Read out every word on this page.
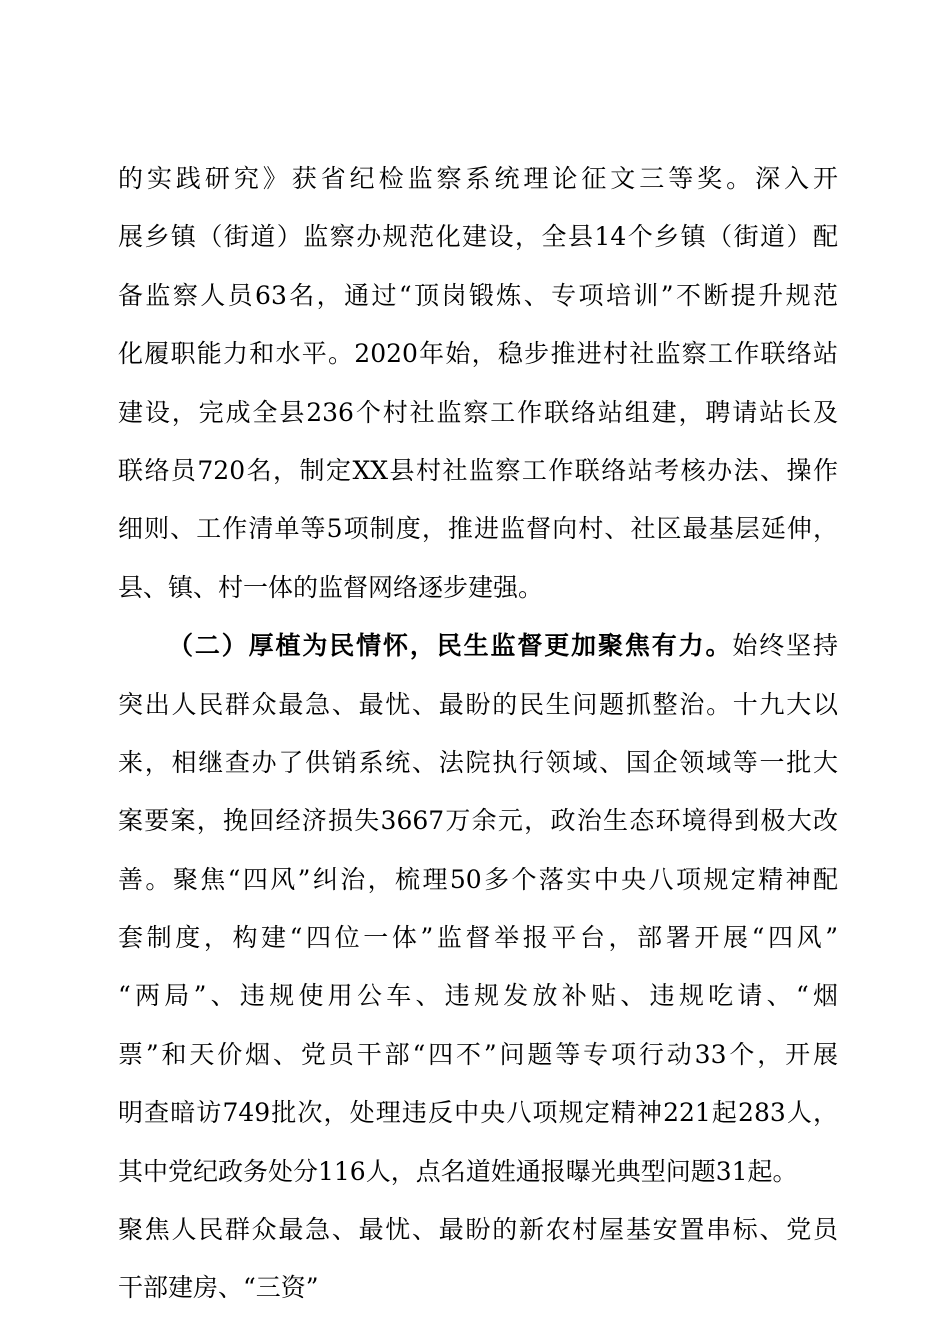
的实践研究》获省纪检监察系统理论征文三等奖。深入开
展乡镇（街道）监察办规范化建设，全县14个乡镇（街道）配
备监察人员63名，通过“顶岗锻炼、专项培训”不断提升规范
化履职能力和水平。2020年始，稳步推进村社监察工作联络站
建设，完成全县236个村社监察工作联络站组建，聘请站长及
联络员720名，制定XX县村社监察工作联络站考核办法、操作
细则、工作清单等5项制度，推进监督向村、社区最基层延伸，
县、镇、村一体的监督网络逐步建强。
（二）厚植为民情怀，民生监督更加聚焦有力。始终坚持
突出人民群众最急、最忧、最盼的民生问题抓整治。十九大以
来，相继查办了供销系统、法院执行领域、国企领域等一批大
案要案，挽回经济损失3667万余元，政治生态环境得到极大改
善。聚焦“四风”纠治，梳理50多个落实中央八项规定精神配
套制度，构建“四位一体”监督举报平台，部署开展“四风”
“两局”、违规使用公车、违规发放补贴、违规吃请、“烟
票”和天价烟、党员干部“四不”问题等专项行动33个，开展
明查暗访749批次，处理违反中央八项规定精神221起283人，
其中党纪政务处分116人，点名道姓通报曝光典型问题31起。
聚焦人民群众最急、最忧、最盼的新农村屋基安置串标、党员
干部建房、“三资”
